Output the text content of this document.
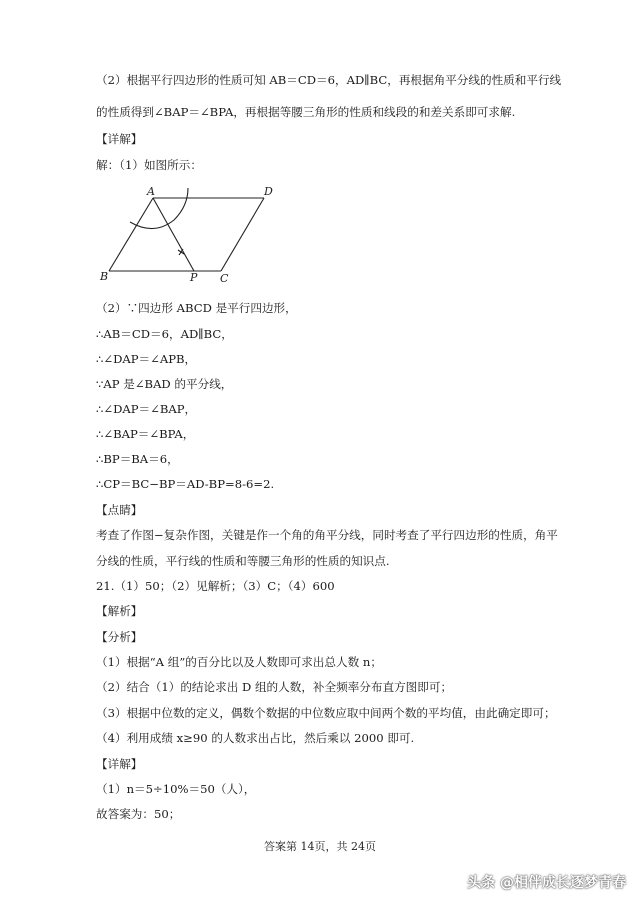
（2）根据平行四边形的性质可知 AB＝CD＝6，AD∥BC，再根据角平分线的性质和平行线
的性质得到∠BAP＝∠BPA，再根据等腰三角形的性质和线段的和差关系即可求解.
【详解】
解：（1）如图所示：
A	D
B	P C
（2）∵四边形 ABCD 是平行四边形，
∴AB＝CD＝6，AD∥BC，
∴∠DAP＝∠APB，
∵AP 是∠BAD 的平分线，
∴∠DAP＝∠BAP，
∴∠BAP＝∠BPA，
∴BP＝BA＝6，
∴CP＝BC−BP＝AD-BP=8-6=2.
【点睛】
考查了作图−复杂作图，关键是作一个角的角平分线，同时考查了平行四边形的性质，角平
分线的性质，平行线的性质和等腰三角形的性质的知识点.
21.（1）50；（2）见解析；（3）C；（4）600
【解析】
【分析】
（1）根据“A 组”的百分比以及人数即可求出总人数 n；
（2）结合（1）的结论求出 D 组的人数，补全频率分布直方图即可；
（3）根据中位数的定义，偶数个数据的中位数应取中间两个数的平均值，由此确定即可；
（4）利用成绩 x≥90 的人数求出占比，然后乘以 2000 即可.
【详解】
（1）n＝5÷10%＝50（人），
故答案为：50；
答案第 14页，共 24页
头条 @相伴成长逐梦青春
